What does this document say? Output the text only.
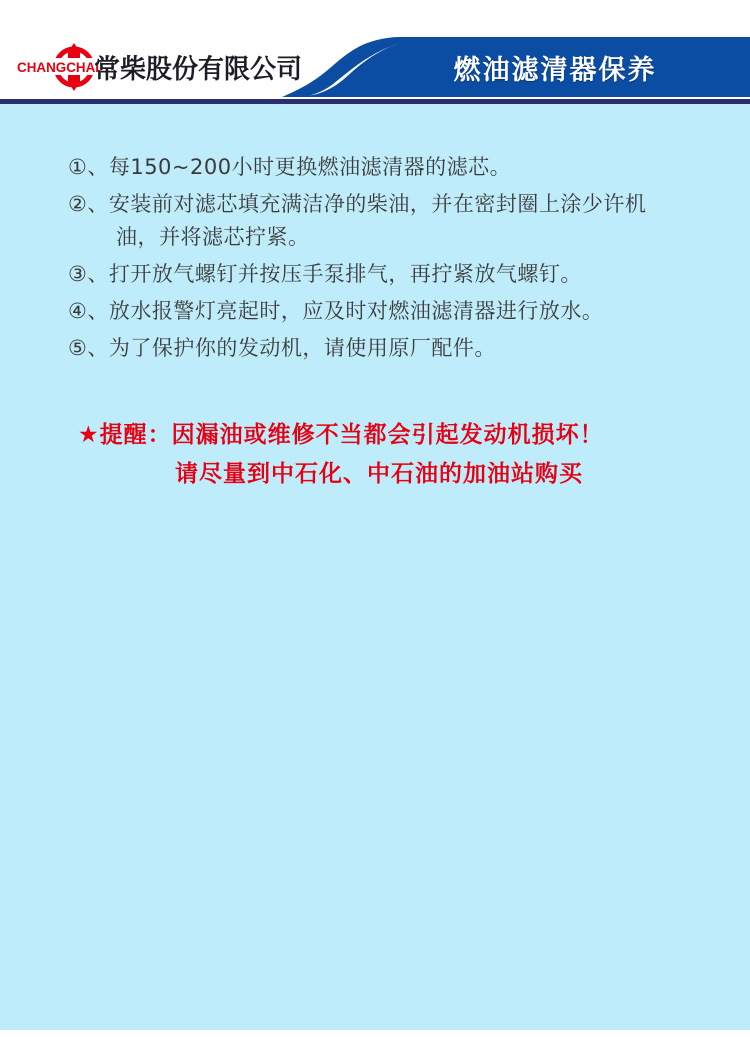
CHANGCHAI
常柴股份有限公司	燃油滤清器保养

①、每150~200小时更换燃油滤清器的滤芯。

②、安装前对滤芯填充满洁净的柴油，并在密封圈上涂少许机油，并将滤芯拧紧。

③、打开放气螺钉并按压手泵排气，再拧紧放气螺钉。

④、放水报警灯亮起时，应及时对燃油滤清器进行放水。

⑤、为了保护你的发动机，请使用原厂配件。

★提醒：因漏油或维修不当都会引起发动机损坏！
请尽量到中石化、中石油的加油站购买
